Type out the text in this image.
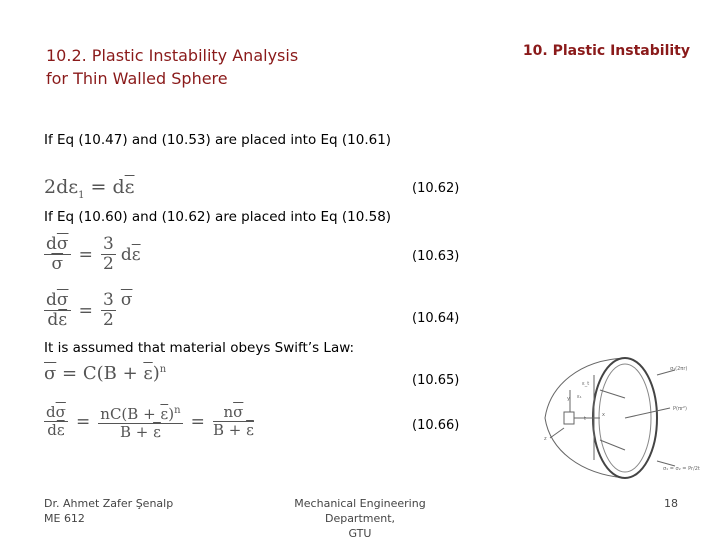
10.2. Plastic Instability Analysis
for Thin Walled Sphere
10. Plastic Instability
If Eq (10.47) and (10.53) are placed into Eq (10.61)
If Eq (10.60) and (10.62) are placed into Eq (10.58)
It is assumed that material obeys Swift’s Law:
$2d\varepsilon_1 = d\overline{\varepsilon}$	(10.62)
$\frac{d\overline{\sigma}}{\sigma} = \frac{3}{2} d\overline{\varepsilon}$	(10.63)
$\frac{d\overline{\sigma}}{d\overline{\varepsilon}} = \frac{3}{2} \overline{\sigma}$
(10.64)
$\overline{\sigma} = C(B + \overline{\varepsilon})^n$
(10.65)
$\frac{d\overline{\sigma}}{d\overline{\varepsilon}} = \frac{nC(B + \overline{\varepsilon})^n}{B + \overline{\varepsilon}} = \frac{n\overline{\sigma}}{B + \overline{\varepsilon}}$	(10.66)
σ₁(2πr)
P(πr²)
ε_t
ε₁
y
x
z
t
σ₁ = σ₂ = Pr/2t
Dr. Ahmet Zafer Şenalp
ME 612
Mechanical Engineering Department,
GTU
18
